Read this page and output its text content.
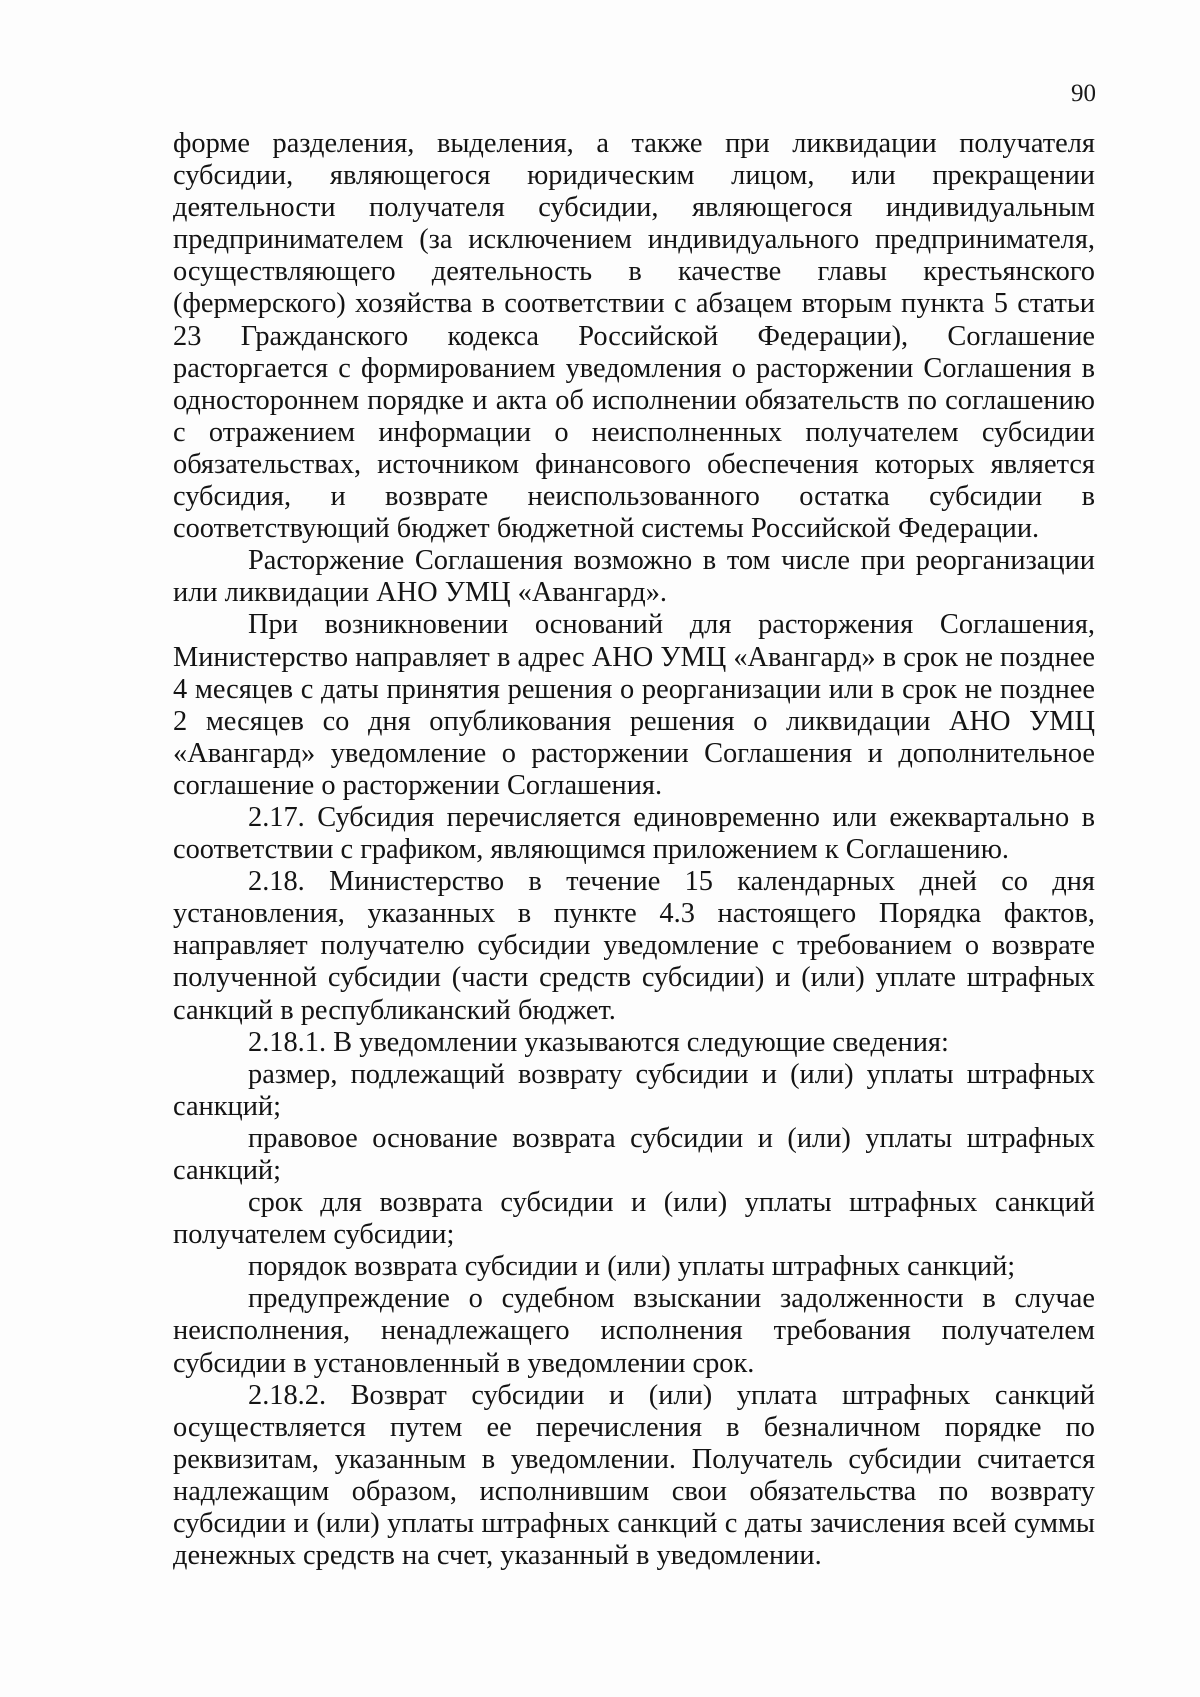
90

форме разделения, выделения, а также при ликвидации получателя субсидии, являющегося юридическим лицом, или прекращении деятельности получателя субсидии, являющегося индивидуальным предпринимателем (за исключением индивидуального предпринимателя, осуществляющего деятельность в качестве главы крестьянского (фермерского) хозяйства в соответствии с абзацем вторым пункта 5 статьи 23 Гражданского кодекса Российской Федерации), Соглашение расторгается с формированием уведомления о расторжении Соглашения в одностороннем порядке и акта об исполнении обязательств по соглашению с отражением информации о неисполненных получателем субсидии обязательствах, источником финансового обеспечения которых является субсидия, и возврате неиспользованного остатка субсидии в соответствующий бюджет бюджетной системы Российской Федерации.

Расторжение Соглашения возможно в том числе при реорганизации или ликвидации АНО УМЦ «Авангард».

При возникновении оснований для расторжения Соглашения, Министерство направляет в адрес АНО УМЦ «Авангард» в срок не позднее 4 месяцев с даты принятия решения о реорганизации или в срок не позднее 2 месяцев со дня опубликования решения о ликвидации АНО УМЦ «Авангард» уведомление о расторжении Соглашения и дополнительное соглашение о расторжении Соглашения.

2.17. Субсидия перечисляется единовременно или ежеквартально в соответствии с графиком, являющимся приложением к Соглашению.

2.18. Министерство в течение 15 календарных дней со дня установления, указанных в пункте 4.3 настоящего Порядка фактов, направляет получателю субсидии уведомление с требованием о возврате полученной субсидии (части средств субсидии) и (или) уплате штрафных санкций в республиканский бюджет.

2.18.1. В уведомлении указываются следующие сведения:

размер, подлежащий возврату субсидии и (или) уплаты штрафных санкций;

правовое основание возврата субсидии и (или) уплаты штрафных санкций;

срок для возврата субсидии и (или) уплаты штрафных санкций получателем субсидии;

порядок возврата субсидии и (или) уплаты штрафных санкций;

предупреждение о судебном взыскании задолженности в случае неисполнения, ненадлежащего исполнения требования получателем субсидии в установленный в уведомлении срок.

2.18.2. Возврат субсидии и (или) уплата штрафных санкций осуществляется путем ее перечисления в безналичном порядке по реквизитам, указанным в уведомлении. Получатель субсидии считается надлежащим образом, исполнившим свои обязательства по возврату субсидии и (или) уплаты штрафных санкций с даты зачисления всей суммы денежных средств на счет, указанный в уведомлении.
